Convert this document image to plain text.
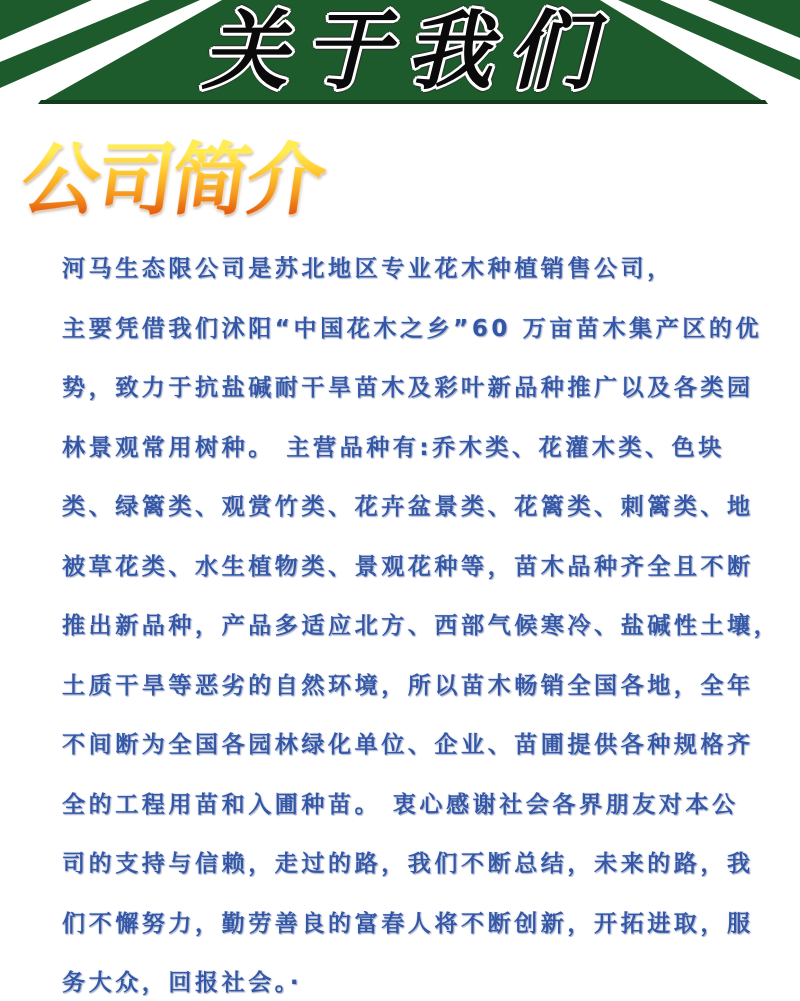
关于我们
公司简介
河马生态限公司是苏北地区专业花木种植销售公司，
主要凭借我们沭阳“中国花木之乡”60 万亩苗木集产区的优
势，致力于抗盐碱耐干旱苗木及彩叶新品种推广以及各类园
林景观常用树种。 主营品种有:乔木类、花灌木类、色块
类、绿篱类、观赏竹类、花卉盆景类、花篱类、刺篱类、地
被草花类、水生植物类、景观花种等，苗木品种齐全且不断
推出新品种，产品多适应北方、西部气候寒冷、盐碱性土壤，
土质干旱等恶劣的自然环境，所以苗木畅销全国各地，全年
不间断为全国各园林绿化单位、企业、苗圃提供各种规格齐
全的工程用苗和入圃种苗。 衷心感谢社会各界朋友对本公
司的支持与信赖，走过的路，我们不断总结，未来的路，我
们不懈努力，勤劳善良的富春人将不断创新，开拓进取，服
务大众，回报社会。·
